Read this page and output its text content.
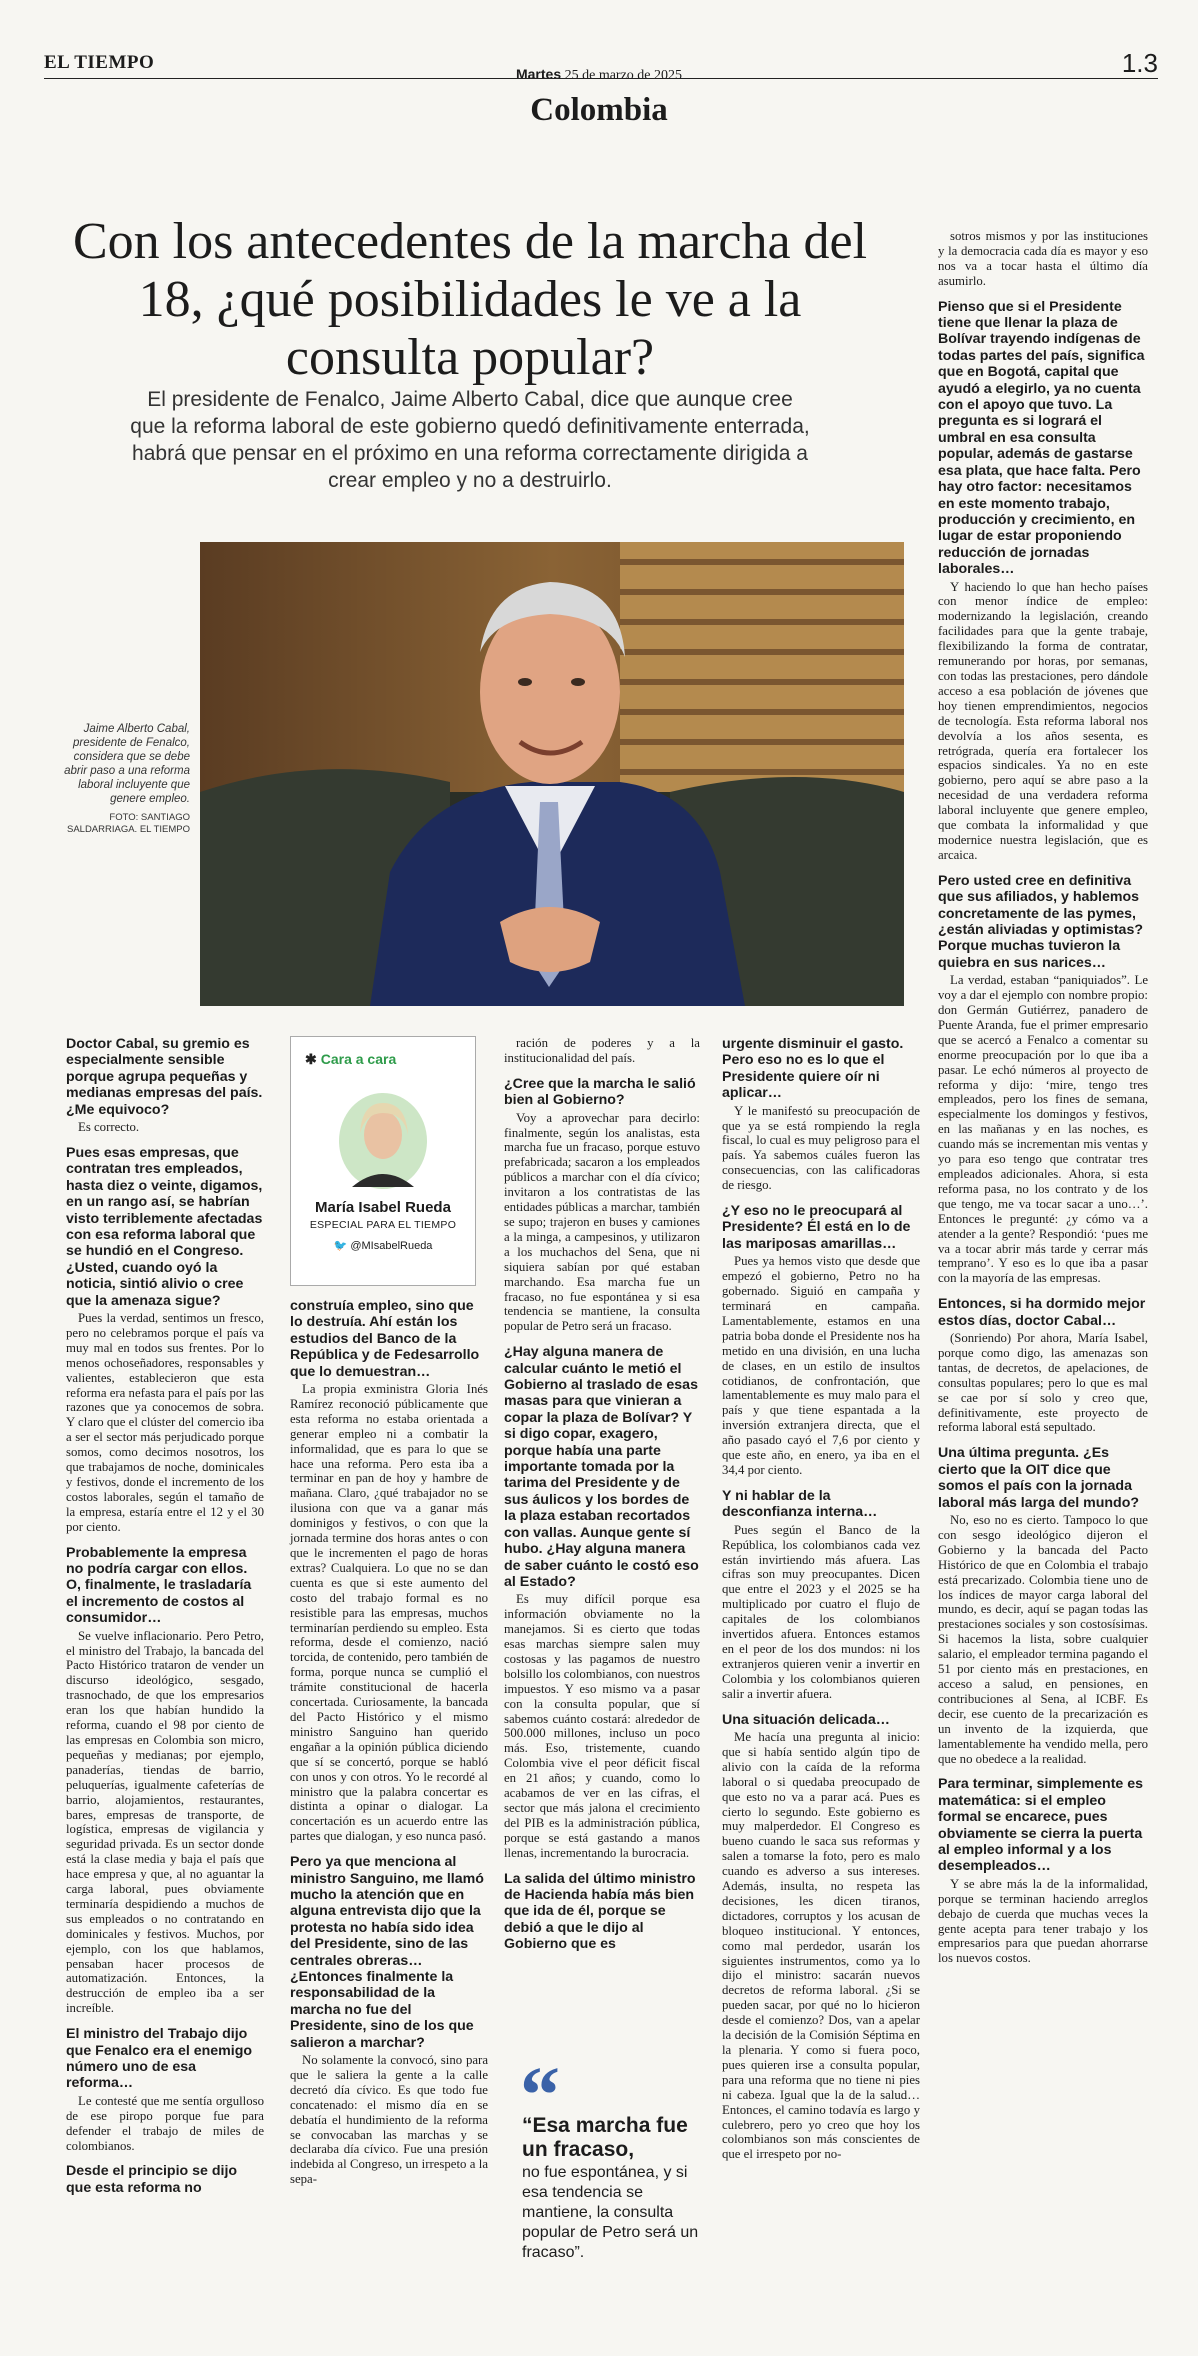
EL TIEMPO
Martes 25 de marzo de 2025	1.3
Colombia
Con los antecedentes de la marcha del 18, ¿qué posibilidades le ve a la consulta popular?
El presidente de Fenalco, Jaime Alberto Cabal, dice que aunque cree que la reforma laboral de este gobierno quedó definitivamente enterrada, habrá que pensar en el próximo en una reforma correctamente dirigida a crear empleo y no a destruirlo.
Jaime Alberto Cabal, presidente de Fenalco, considera que se debe abrir paso a una reforma laboral incluyente que genere empleo.
FOTO: SANTIAGO SALDARRIAGA. EL TIEMPO

Doctor Cabal, su gremio es especialmente sensible porque agrupa pequeñas y medianas empresas del país. ¿Me equivoco?

Es correcto.

Pues esas empresas, que contratan tres empleados, hasta diez o veinte, digamos, en un rango así, se habrían visto terriblemente afectadas con esa reforma laboral que se hundió en el Congreso. ¿Usted, cuando oyó la noticia, sintió alivio o cree que la amenaza sigue?

Pues la verdad, sentimos un fresco, pero no celebramos porque el país va muy mal en todos sus frentes. Por lo menos ochoseñadores, responsables y valientes, establecieron que esta reforma era nefasta para el país por las razones que ya conocemos de sobra. Y claro que el clúster del comercio iba a ser el sector más perjudicado porque somos, como decimos nosotros, los que trabajamos de noche, dominicales y festivos, donde el incremento de los costos laborales, según el tamaño de la empresa, estaría entre el 12 y el 30 por ciento.

Probablemente la empresa no podría cargar con ellos. O, finalmente, le trasladaría el incremento de costos al consumidor…

Se vuelve inflacionario. Pero Petro, el ministro del Trabajo, la bancada del Pacto Histórico trataron de vender un discurso ideológico, sesgado, trasnochado, de que los empresarios eran los que habían hundido la reforma, cuando el 98 por ciento de las empresas en Colombia son micro, pequeñas y medianas; por ejemplo, panaderías, tiendas de barrio, peluquerías, igualmente cafeterías de barrio, alojamientos, restaurantes, bares, empresas de transporte, de logística, empresas de vigilancia y seguridad privada. Es un sector donde está la clase media y baja el país que hace empresa y que, al no aguantar la carga laboral, pues obviamente terminaría despidiendo a muchos de sus empleados o no contratando en dominicales y festivos. Muchos, por ejemplo, con los que hablamos, pensaban hacer procesos de automatización. Entonces, la destrucción de empleo iba a ser increíble.

El ministro del Trabajo dijo que Fenalco era el enemigo número uno de esa reforma…

Le contesté que me sentía orgulloso de ese piropo porque fue para defender el trabajo de miles de colombianos.

Desde el principio se dijo que esta reforma no

✱ Cara a cara
María Isabel Rueda
ESPECIAL PARA EL TIEMPO
🐦 @MIsabelRueda

construía empleo, sino que lo destruía. Ahí están los estudios del Banco de la República y de Fedesarrollo que lo demuestran…

La propia exministra Gloria Inés Ramírez reconoció públicamente que esta reforma no estaba orientada a generar empleo ni a combatir la informalidad, que es para lo que se hace una reforma. Pero esta iba a terminar en pan de hoy y hambre de mañana. Claro, ¿qué trabajador no se ilusiona con que va a ganar más dominigos y festivos, o con que la jornada termine dos horas antes o con que le incrementen el pago de horas extras? Cualquiera. Lo que no se dan cuenta es que si este aumento del costo del trabajo formal es no resistible para las empresas, muchos terminarían perdiendo su empleo. Esta reforma, desde el comienzo, nació torcida, de contenido, pero también de forma, porque nunca se cumplió el trámite constitucional de hacerla concertada. Curiosamente, la bancada del Pacto Histórico y el mismo ministro Sanguino han querido engañar a la opinión pública diciendo que sí se concertó, porque se habló con unos y con otros. Yo le recordé al ministro que la palabra concertar es distinta a opinar o dialogar. La concertación es un acuerdo entre las partes que dialogan, y eso nunca pasó.

Pero ya que menciona al ministro Sanguino, me llamó mucho la atención que en alguna entrevista dijo que la protesta no había sido idea del Presidente, sino de las centrales obreras… ¿Entonces finalmente la responsabilidad de la marcha no fue del Presidente, sino de los que salieron a marchar?

No solamente la convocó, sino para que le saliera la gente a la calle decretó día cívico. Es que todo fue concatenado: el mismo día en se debatía el hundimiento de la reforma se convocaban las marchas y se declaraba día cívico. Fue una presión indebida al Congreso, un irrespeto a la sepa-

ración de poderes y a la institucionalidad del país.

¿Cree que la marcha le salió bien al Gobierno?

Voy a aprovechar para decirlo: finalmente, según los analistas, esta marcha fue un fracaso, porque estuvo prefabricada; sacaron a los empleados públicos a marchar con el día cívico; invitaron a los contratistas de las entidades públicas a marchar, también se supo; trajeron en buses y camiones a la minga, a campesinos, y utilizaron a los muchachos del Sena, que ni siquiera sabían por qué estaban marchando. Esa marcha fue un fracaso, no fue espontánea y si esa tendencia se mantiene, la consulta popular de Petro será un fracaso.

¿Hay alguna manera de calcular cuánto le metió el Gobierno al traslado de esas masas para que vinieran a copar la plaza de Bolívar? Y si digo copar, exagero, porque había una parte importante tomada por la tarima del Presidente y de sus áulicos y los bordes de la plaza estaban recortados con vallas. Aunque gente sí hubo. ¿Hay alguna manera de saber cuánto le costó eso al Estado?

Es muy difícil porque esa información obviamente no la manejamos. Si es cierto que todas esas marchas siempre salen muy costosas y las pagamos de nuestro bolsillo los colombianos, con nuestros impuestos. Y eso mismo va a pasar con la consulta popular, que sí sabemos cuánto costará: alrededor de 500.000 millones, incluso un poco más. Eso, tristemente, cuando Colombia vive el peor déficit fiscal en 21 años; y cuando, como lo acabamos de ver en las cifras, el sector que más jalona el crecimiento del PIB es la administración pública, porque se está gastando a manos llenas, incrementando la burocracia.

La salida del último ministro de Hacienda había más bien que ida de él, porque se debió a que le dijo al Gobierno que es

urgente disminuir el gasto. Pero eso no es lo que el Presidente quiere oír ni aplicar…

Y le manifestó su preocupación de que ya se está rompiendo la regla fiscal, lo cual es muy peligroso para el país. Ya sabemos cuáles fueron las consecuencias, con las calificadoras de riesgo.

¿Y eso no le preocupará al Presidente? Él está en lo de las mariposas amarillas…

Pues ya hemos visto que desde que empezó el gobierno, Petro no ha gobernado. Siguió en campaña y terminará en campaña. Lamentablemente, estamos en una patria boba donde el Presidente nos ha metido en una división, en una lucha de clases, en un estilo de insultos cotidianos, de confrontación, que lamentablemente es muy malo para el país y que tiene espantada a la inversión extranjera directa, que el año pasado cayó el 7,6 por ciento y que este año, en enero, ya iba en el 34,4 por ciento.

Y ni hablar de la desconfianza interna…

Pues según el Banco de la República, los colombianos cada vez están invirtiendo más afuera. Las cifras son muy preocupantes. Dicen que entre el 2023 y el 2025 se ha multiplicado por cuatro el flujo de capitales de los colombianos invertidos afuera. Entonces estamos en el peor de los dos mundos: ni los extranjeros quieren venir a invertir en Colombia y los colombianos quieren salir a invertir afuera.

Una situación delicada…

Me hacía una pregunta al inicio: que si había sentido algún tipo de alivio con la caída de la reforma laboral o si quedaba preocupado de que esto no va a parar acá. Pues es cierto lo segundo. Este gobierno es muy malperdedor. El Congreso es bueno cuando le saca sus reformas y salen a tomarse la foto, pero es malo cuando es adverso a sus intereses. Además, insulta, no respeta las decisiones, les dicen tiranos, dictadores, corruptos y los acusan de bloqueo institucional. Y entonces, como mal perdedor, usarán los siguientes instrumentos, como ya lo dijo el ministro: sacarán nuevos decretos de reforma laboral. ¿Si se pueden sacar, por qué no lo hicieron desde el comienzo? Dos, van a apelar la decisión de la Comisión Séptima en la plenaria. Y como si fuera poco, pues quieren irse a consulta popular, para una reforma que no tiene ni pies ni cabeza. Igual que la de la salud… Entonces, el camino todavía es largo y culebrero, pero yo creo que hoy los colombianos son más conscientes de que el irrespeto por no-

sotros mismos y por las instituciones y la democracia cada día es mayor y eso nos va a tocar hasta el último día asumirlo.

Pienso que si el Presidente tiene que llenar la plaza de Bolívar trayendo indígenas de todas partes del país, significa que en Bogotá, capital que ayudó a elegirlo, ya no cuenta con el apoyo que tuvo. La pregunta es si logrará el umbral en esa consulta popular, además de gastarse esa plata, que hace falta. Pero hay otro factor: necesitamos en este momento trabajo, producción y crecimiento, en lugar de estar proponiendo reducción de jornadas laborales…

Y haciendo lo que han hecho países con menor índice de empleo: modernizando la legislación, creando facilidades para que la gente trabaje, flexibilizando la forma de contratar, remunerando por horas, por semanas, con todas las prestaciones, pero dándole acceso a esa población de jóvenes que hoy tienen emprendimientos, negocios de tecnología. Esta reforma laboral nos devolvía a los años sesenta, es retrógrada, quería era fortalecer los espacios sindicales. Ya no en este gobierno, pero aquí se abre paso a la necesidad de una verdadera reforma laboral incluyente que genere empleo, que combata la informalidad y que modernice nuestra legislación, que es arcaica.

Pero usted cree en definitiva que sus afiliados, y hablemos concretamente de las pymes, ¿están aliviadas y optimistas? Porque muchas tuvieron la quiebra en sus narices…

La verdad, estaban “paniquiados”. Le voy a dar el ejemplo con nombre propio: don Germán Gutiérrez, panadero de Puente Aranda, fue el primer empresario que se acercó a Fenalco a comentar su enorme preocupación por lo que iba a pasar. Le echó números al proyecto de reforma y dijo: ‘mire, tengo tres empleados, pero los fines de semana, especialmente los domingos y festivos, en las mañanas y en las noches, es cuando más se incrementan mis ventas y yo para eso tengo que contratar tres empleados adicionales. Ahora, si esta reforma pasa, no los contrato y de los que tengo, me va tocar sacar a uno…’. Entonces le pregunté: ¿y cómo va a atender a la gente? Respondió: ‘pues me va a tocar abrir más tarde y cerrar más temprano’. Y eso es lo que iba a pasar con la mayoría de las empresas.

Entonces, si ha dormido mejor estos días, doctor Cabal…

(Sonriendo) Por ahora, María Isabel, porque como digo, las amenazas son tantas, de decretos, de apelaciones, de consultas populares; pero lo que es mal se cae por sí solo y creo que, definitivamente, este proyecto de reforma laboral está sepultado.

Una última pregunta. ¿Es cierto que la OIT dice que somos el país con la jornada laboral más larga del mundo?

No, eso no es cierto. Tampoco lo que con sesgo ideológico dijeron el Gobierno y la bancada del Pacto Histórico de que en Colombia el trabajo está precarizado. Colombia tiene uno de los índices de mayor carga laboral del mundo, es decir, aquí se pagan todas las prestaciones sociales y son costosísimas. Si hacemos la lista, sobre cualquier salario, el empleador termina pagando el 51 por ciento más en prestaciones, en acceso a salud, en pensiones, en contribuciones al Sena, al ICBF. Es decir, ese cuento de la precarización es un invento de la izquierda, que lamentablemente ha vendido mella, pero que no obedece a la realidad.

Para terminar, simplemente es matemática: si el empleo formal se encarece, pues obviamente se cierra la puerta al empleo informal y a los desempleados…

Y se abre más la de la informalidad, porque se terminan haciendo arreglos debajo de cuerda que muchas veces la gente acepta para tener trabajo y los empresarios para que puedan ahorrarse los nuevos costos.

“
“Esa marcha fue un fracaso,
no fue espontánea, y si esa tendencia se mantiene, la consulta popular de Petro será un fracaso”.
